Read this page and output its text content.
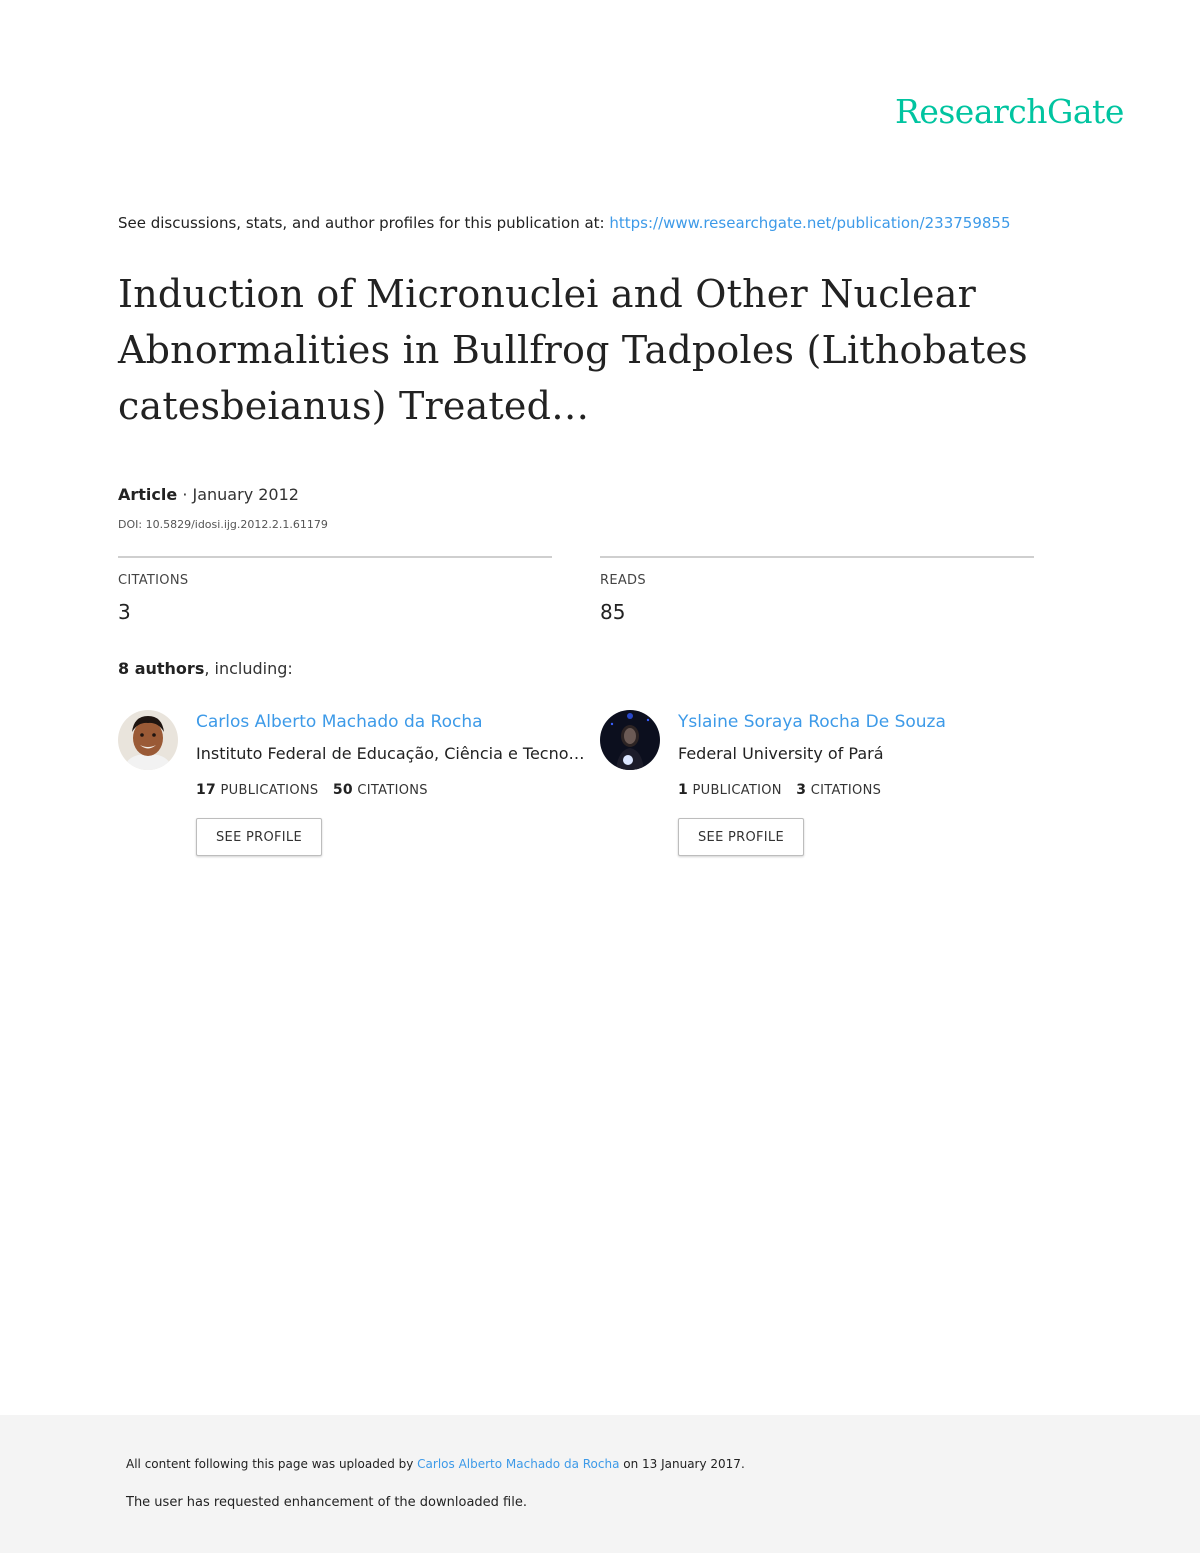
ResearchGate
See discussions, stats, and author profiles for this publication at: https://www.researchgate.net/publication/233759855
Induction of Micronuclei and Other Nuclear Abnormalities in Bullfrog Tadpoles (Lithobates catesbeianus) Treated…
Article · January 2012
DOI: 10.5829/idosi.ijg.2012.2.1.61179
CITATIONS
3
READS
85
8 authors, including:
Carlos Alberto Machado da Rocha
Instituto Federal de Educação, Ciência e Tecno…
17 PUBLICATIONS 50 CITATIONS
SEE PROFILE
Yslaine Soraya Rocha De Souza
Federal University of Pará
1 PUBLICATION 3 CITATIONS
SEE PROFILE
All content following this page was uploaded by Carlos Alberto Machado da Rocha on 13 January 2017.
The user has requested enhancement of the downloaded file.
